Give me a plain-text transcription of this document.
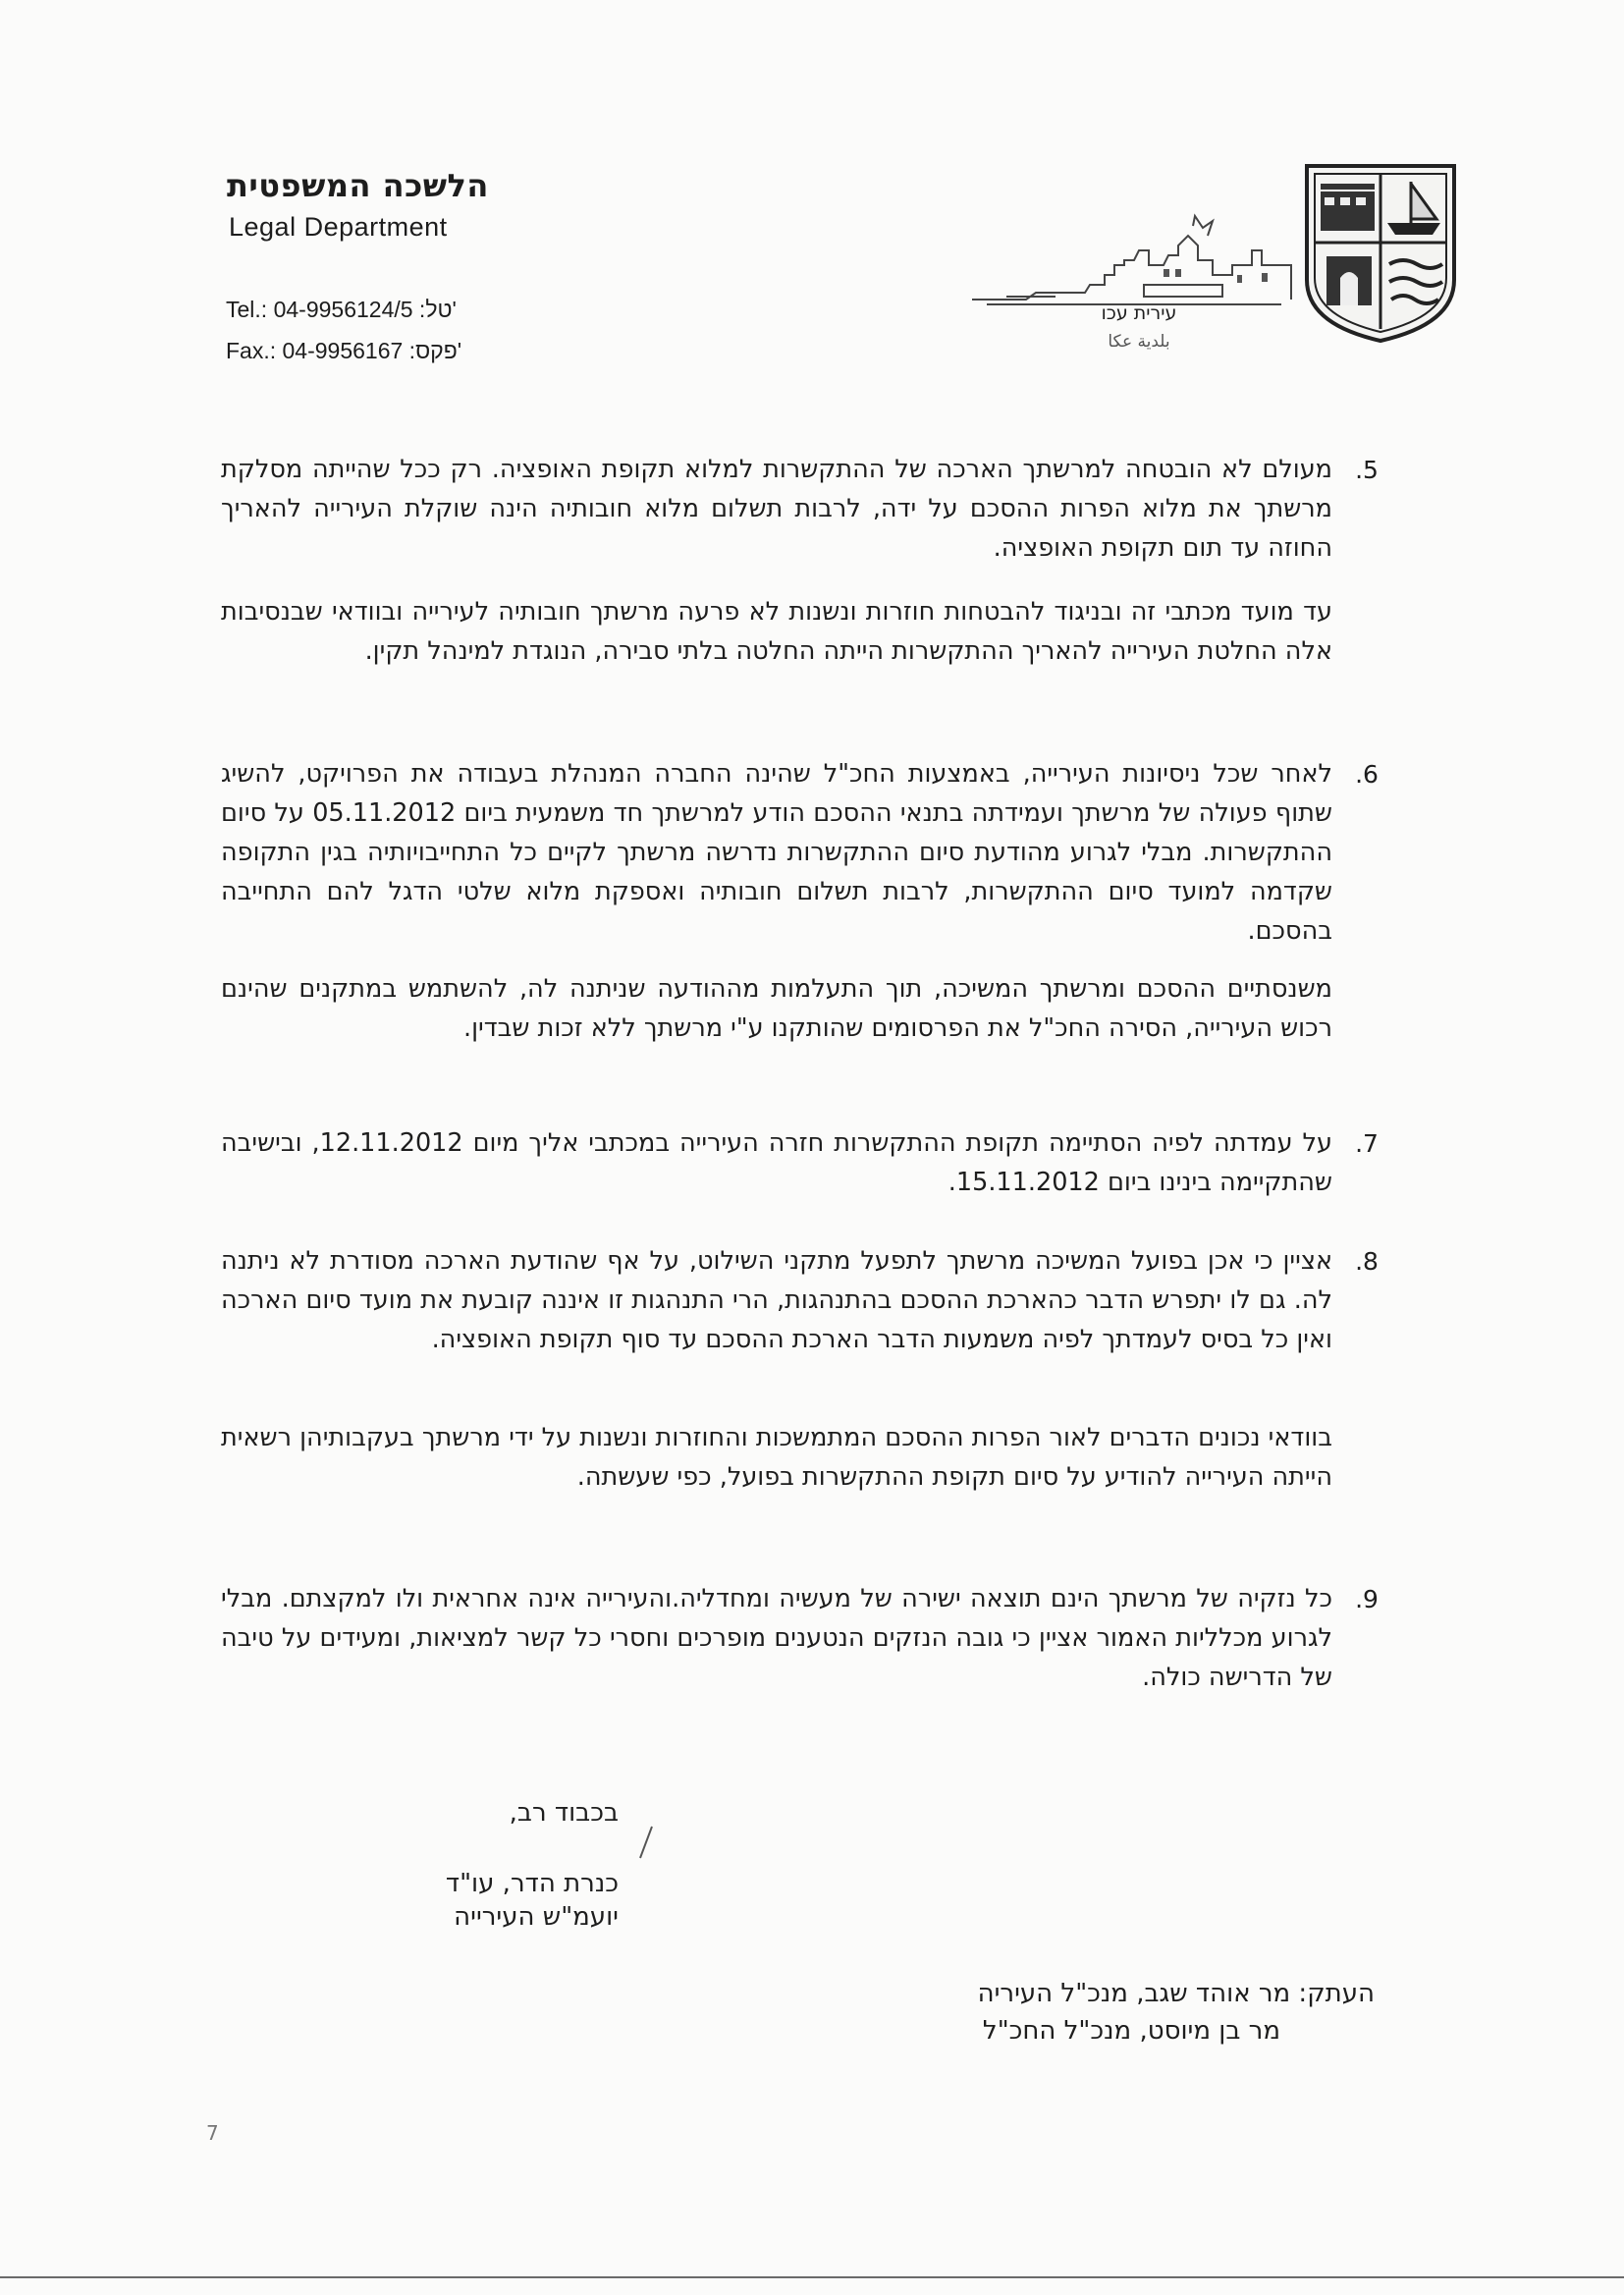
הלשכה המשפטית
Legal Department
Tel.: 04-9956124/5 :טל'
Fax.: 04-9956167 :פקס'
עירית עכו
بلدية عكا
.5
מעולם לא הובטחה למרשתך הארכה של ההתקשרות למלוא תקופת האופציה. רק ככל שהייתה מסלקת מרשתך את מלוא הפרות ההסכם על ידה, לרבות תשלום מלוא חובותיה הינה שוקלת העירייה להאריך החוזה עד תום תקופת האופציה.
עד מועד מכתבי זה ובניגוד להבטחות חוזרות ונשנות לא פרעה מרשתך חובותיה לעירייה ובוודאי שבנסיבות אלה החלטת העירייה להאריך ההתקשרות הייתה החלטה בלתי סבירה, הנוגדת למינהל תקין.
.6
לאחר שכל ניסיונות העירייה, באמצעות החכ"ל שהינה החברה המנהלת בעבודה את הפרויקט, להשיג שתוף פעולה של מרשתך ועמידתה בתנאי ההסכם הודע למרשתך חד משמעית ביום 05.11.2012 על סיום ההתקשרות. מבלי לגרוע מהודעת סיום ההתקשרות נדרשה מרשתך לקיים כל התחייבויותיה בגין התקופה שקדמה למועד סיום ההתקשרות, לרבות תשלום חובותיה ואספקת מלוא שלטי הדגל להם התחייבה בהסכם.
משנסתיים ההסכם ומרשתך המשיכה, תוך התעלמות מההודעה שניתנה לה, להשתמש במתקנים שהינם רכוש העירייה, הסירה החכ"ל את הפרסומים שהותקנו ע"י מרשתך ללא זכות שבדין.
.7
על עמדתה לפיה הסתיימה תקופת ההתקשרות חזרה העירייה במכתבי אליך מיום 12.11.2012, ובישיבה שהתקיימה בינינו ביום 15.11.2012.
.8
אציין כי אכן בפועל המשיכה מרשתך לתפעל מתקני השילוט, על אף שהודעת הארכה מסודרת לא ניתנה לה. גם לו יתפרש הדבר כהארכת ההסכם בהתנהגות, הרי התנהגות זו איננה קובעת את מועד סיום הארכה ואין כל בסיס לעמדתך לפיה משמעות הדבר הארכת ההסכם עד סוף תקופת האופציה.
בוודאי נכונים הדברים לאור הפרות ההסכם המתמשכות והחוזרות ונשנות על ידי מרשתך בעקבותיהן רשאית הייתה העירייה להודיע על סיום תקופת ההתקשרות בפועל, כפי שעשתה.
.9
כל נזקיה של מרשתך הינם תוצאה ישירה של מעשיה ומחדליה.והעירייה אינה אחראית ולו למקצתם. מבלי לגרוע מכלליות האמור אציין כי גובה הנזקים הנטענים מופרכים וחסרי כל קשר למציאות, ומעידים על טיבה של הדרישה כולה.
בכבוד רב,
כנרת הדר, עו"ד
יועמ"ש העירייה
העתק: מר אוהד שגב, מנכ"ל העיריה
מר בן מיוסט, מנכ"ל החכ"ל
7
